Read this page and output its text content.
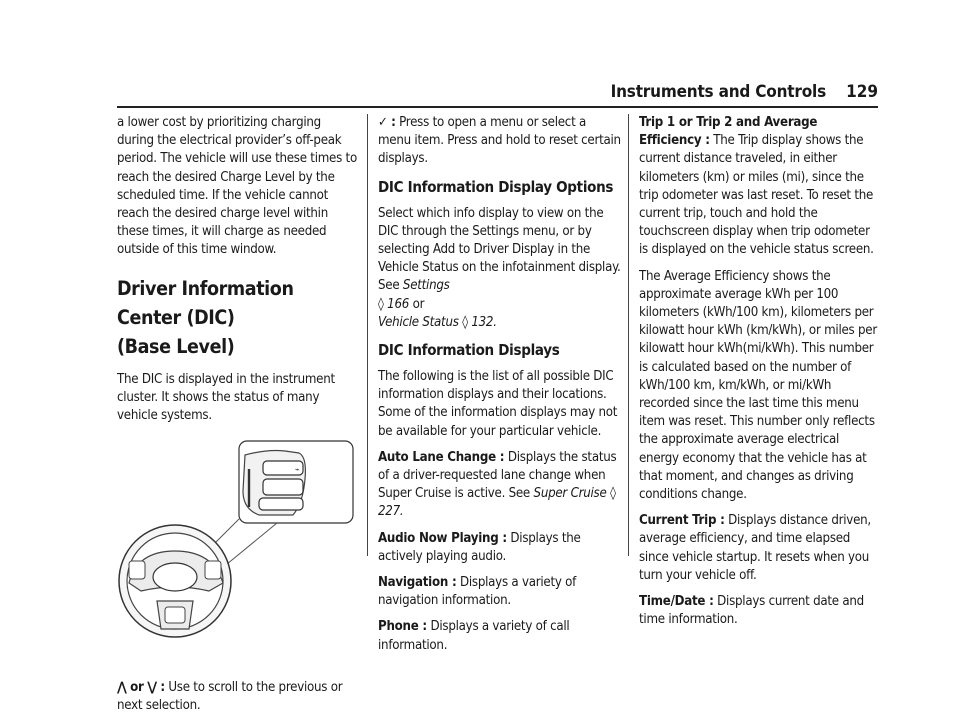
Instruments and Controls 129

a lower cost by prioritizing charging during the electrical provider’s off-peak period. The vehicle will use these times to reach the desired Charge Level by the scheduled time. If the vehicle cannot reach the desired charge level within these times, it will charge as needed outside of this time window.

Driver Information Center (DIC)
(Base Level)

The DIC is displayed in the instrument cluster. It shows the status of many vehicle systems.

⌁

⋀ or ⋁ : Use to scroll to the previous or next selection.

✓ : Press to open a menu or select a menu item. Press and hold to reset certain displays.

DIC Information Display Options

Select which info display to view on the DIC through the Settings menu, or by selecting Add to Driver Display in the Vehicle Status on the infotainment display. See Settings
◊ 166 or
Vehicle Status ◊ 132.

DIC Information Displays

The following is the list of all possible DIC information displays and their locations. Some of the information displays may not be available for your particular vehicle.

Auto Lane Change : Displays the status of a driver-requested lane change when Super Cruise is active. See Super Cruise ◊ 227.

Audio Now Playing : Displays the actively playing audio.

Navigation : Displays a variety of navigation information.

Phone : Displays a variety of call information.

Trip 1 or Trip 2 and Average Efficiency : The Trip display shows the current distance traveled, in either kilometers (km) or miles (mi), since the trip odometer was last reset. To reset the current trip, touch and hold the touchscreen display when trip odometer is displayed on the vehicle status screen.

The Average Efficiency shows the approximate average kWh per 100 kilometers (kWh/100 km), kilometers per kilowatt hour kWh (km/kWh), or miles per kilowatt hour kWh(mi/kWh). This number is calculated based on the number of kWh/100 km, km/kWh, or mi/kWh recorded since the last time this menu item was reset. This number only reflects the approximate average electrical energy economy that the vehicle has at that moment, and changes as driving conditions change.

Current Trip : Displays distance driven, average efficiency, and time elapsed since vehicle startup. It resets when you turn your vehicle off.

Time/Date : Displays current date and time information.
